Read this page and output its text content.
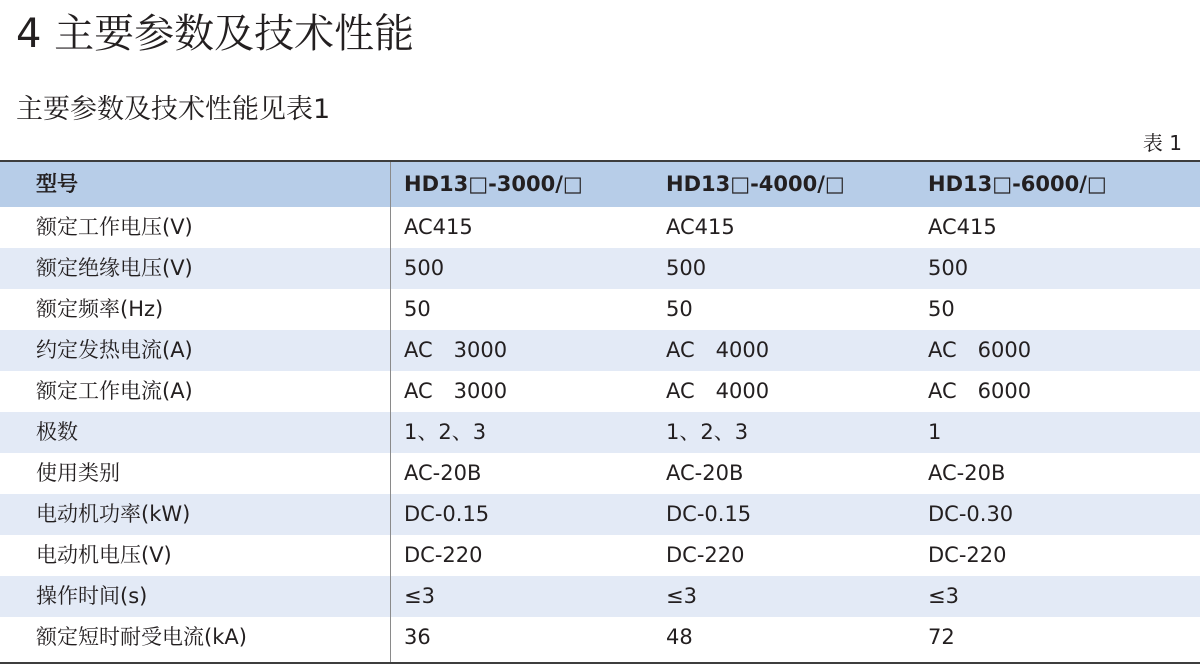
4 主要参数及技术性能
主要参数及技术性能见表1
表 1
型号	HD13□-3000/□	HD13□-4000/□	HD13□-6000/□
额定工作电压(V)	AC415	AC415	AC415
额定绝缘电压(V)	500	500	500
额定频率(Hz)	50	50	50
约定发热电流(A)	AC　3000	AC　4000	AC　6000
额定工作电流(A)	AC　3000	AC　4000	AC　6000
极数	1、2、3	1、2、3	1
使用类别	AC-20B	AC-20B	AC-20B
电动机功率(kW)	DC-0.15	DC-0.15	DC-0.30
电动机电压(V)	DC-220	DC-220	DC-220
操作时间(s)	≤3	≤3	≤3
额定短时耐受电流(kA)	36	48	72
